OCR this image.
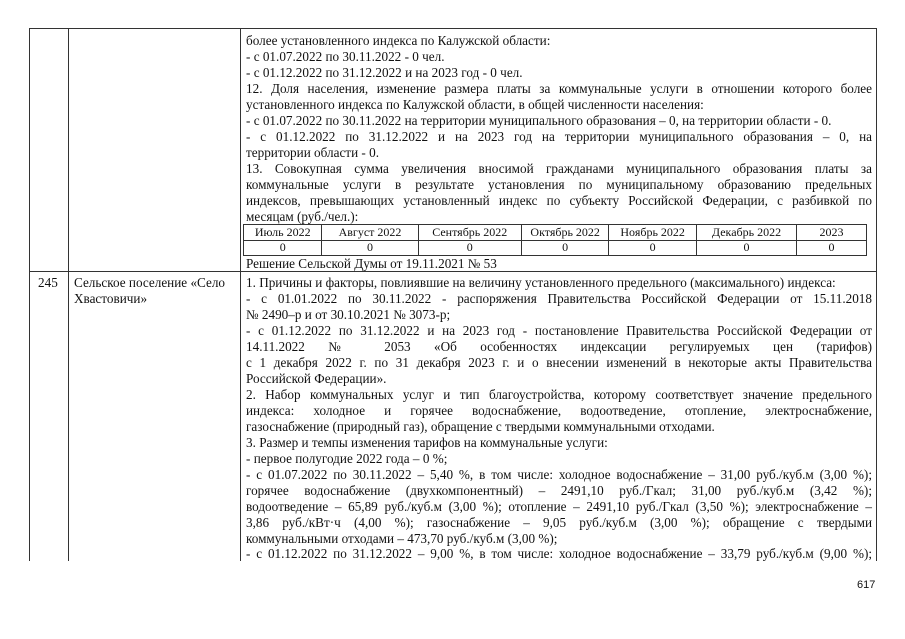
более установленного индекса по Калужской области:
- с 01.07.2022 по 30.11.2022 - 0 чел.
- с 01.12.2022 по 31.12.2022 и на 2023 год - 0 чел.
12. Доля населения, изменение размера платы за коммунальные услуги в отношении которого более
установленного индекса по Калужской области, в общей численности населения:
- с 01.07.2022 по 30.11.2022 на территории муниципального образования – 0, на территории области - 0.
- с 01.12.2022 по 31.12.2022 и на 2023 год на территории муниципального образования – 0, на
территории области - 0.
13. Совокупная сумма увеличения вносимой гражданами муниципального образования платы за
коммунальные услуги в результате установления по муниципальному образованию предельных
индексов, превышающих установленный индекс по субъекту Российской Федерации, с разбивкой по
месяцам (руб./чел.):
Июль 2022	Август 2022	Сентябрь 2022	Октябрь 2022	Ноябрь 2022	Декабрь 2022	2023
0	0	0	0	0	0	0
Решение Сельской Думы от 19.11.2021 № 53
245 Сельское поселение «Село
Хвастовичи»
1. Причины и факторы, повлиявшие на величину установленного предельного (максимального) индекса:
- с 01.01.2022 по 30.11.2022 - распоряжения Правительства Российской Федерации от 15.11.2018
№ 2490–р и от 30.10.2021 № 3073-р;
- с 01.12.2022 по 31.12.2022 и на 2023 год - постановление Правительства Российской Федерации от
14.11.2022 № 2053 «Об особенностях индексации регулируемых цен (тарифов)
с 1 декабря 2022 г. по 31 декабря 2023 г. и о внесении изменений в некоторые акты Правительства
Российской Федерации».
2. Набор коммунальных услуг и тип благоустройства, которому соответствует значение предельного
индекса: холодное и горячее водоснабжение, водоотведение, отопление, электроснабжение,
газоснабжение (природный газ), обращение с твердыми коммунальными отходами.
3. Размер и темпы изменения тарифов на коммунальные услуги:
- первое полугодие 2022 года – 0 %;
- с 01.07.2022 по 30.11.2022 – 5,40 %, в том числе: холодное водоснабжение – 31,00 руб./куб.м (3,00 %);
горячее водоснабжение (двухкомпонентный) – 2491,10 руб./Гкал; 31,00 руб./куб.м (3,42 %);
водоотведение – 65,89 руб./куб.м (3,00 %); отопление – 2491,10 руб./Гкал (3,50 %); электроснабжение –
3,86 руб./кВт·ч (4,00 %); газоснабжение – 9,05 руб./куб.м (3,00 %); обращение с твердыми
коммунальными отходами – 473,70 руб./куб.м (3,00 %);
- с 01.12.2022 по 31.12.2022 – 9,00 %, в том числе: холодное водоснабжение – 33,79 руб./куб.м (9,00 %);
617
